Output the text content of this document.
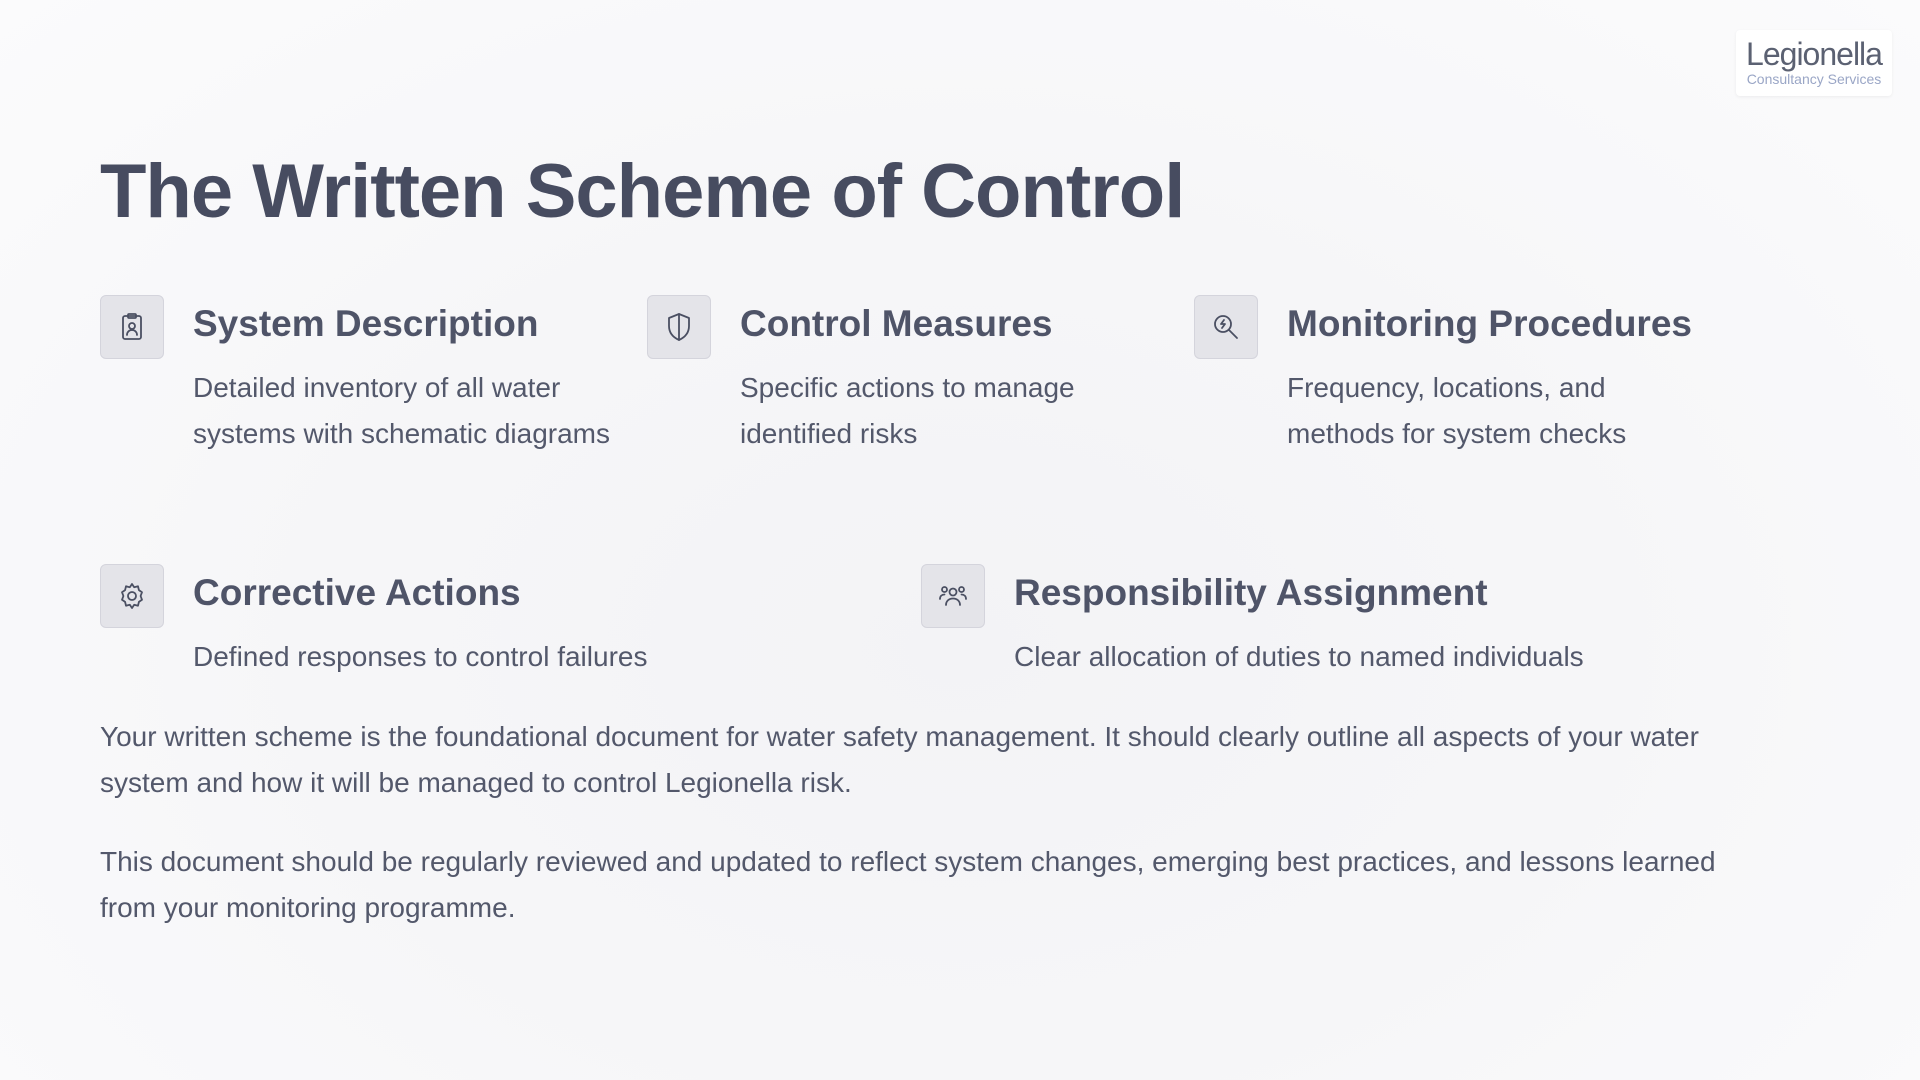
Legionella
Consultancy Services
The Written Scheme of Control
System Description

Detailed inventory of all water systems with schematic diagrams

Control Measures

Specific actions to manage identified risks

Monitoring Procedures

Frequency, locations, and methods for system checks

Corrective Actions

Defined responses to control failures

Responsibility Assignment

Clear allocation of duties to named individuals

Your written scheme is the foundational document for water safety management. It should clearly outline all aspects of your water system and how it will be managed to control Legionella risk.

This document should be regularly reviewed and updated to reflect system changes, emerging best practices, and lessons learned from your monitoring programme.
